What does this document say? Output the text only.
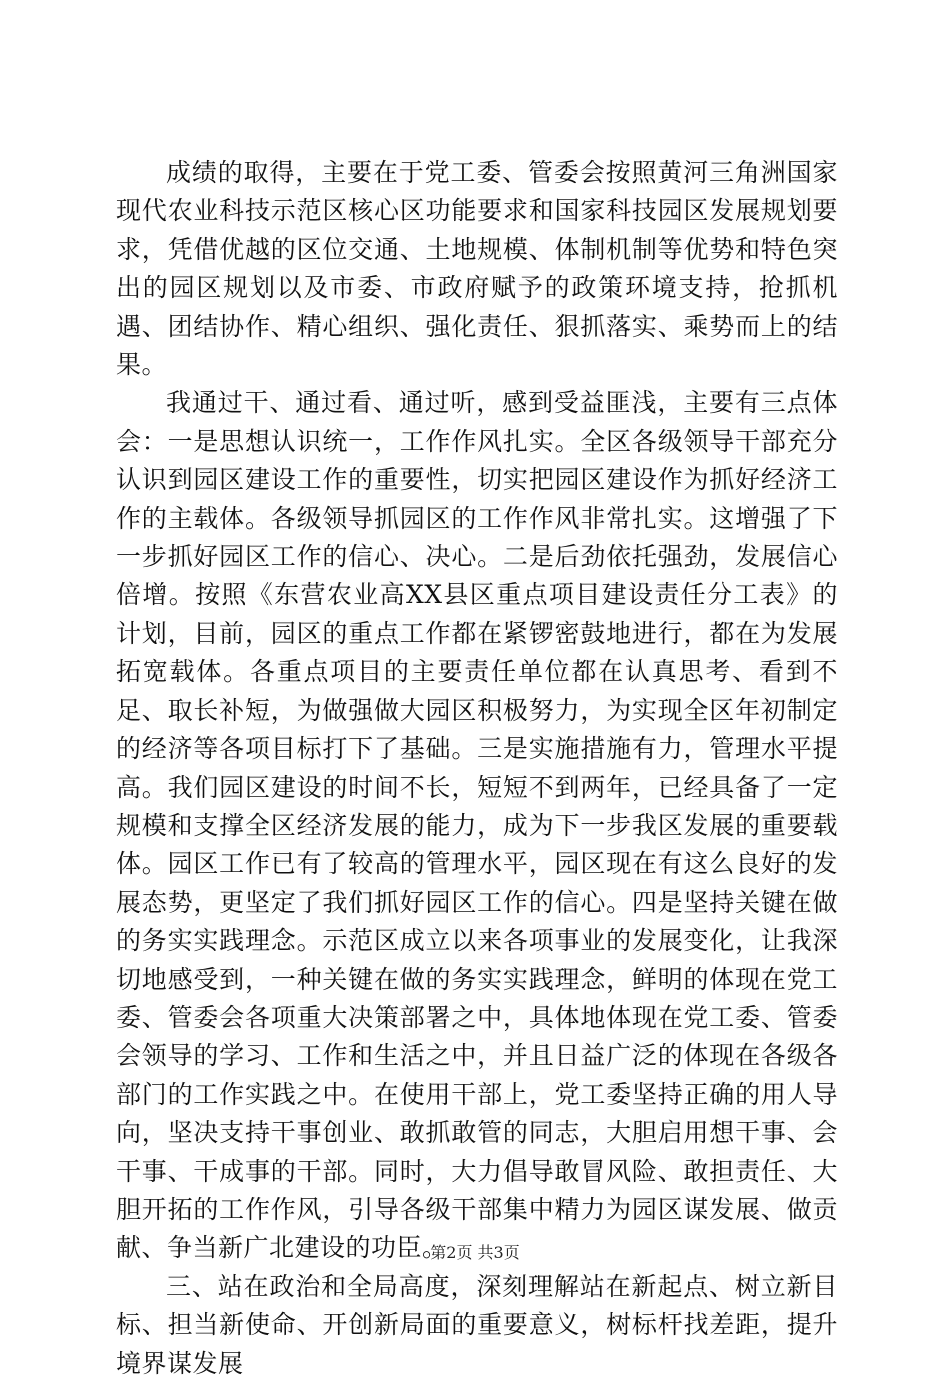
成绩的取得，主要在于党工委、管委会按照黄河三角洲国家现代农业科技示范区核心区功能要求和国家科技园区发展规划要求，凭借优越的区位交通、土地规模、体制机制等优势和特色突出的园区规划以及市委、市政府赋予的政策环境支持，抢抓机遇、团结协作、精心组织、强化责任、狠抓落实、乘势而上的结果。

我通过干、通过看、通过听，感到受益匪浅，主要有三点体会：一是思想认识统一，工作作风扎实。全区各级领导干部充分认识到园区建设工作的重要性，切实把园区建设作为抓好经济工作的主载体。各级领导抓园区的工作作风非常扎实。这增强了下一步抓好园区工作的信心、决心。二是后劲依托强劲，发展信心倍增。按照《东营农业高XX县区重点项目建设责任分工表》的计划，目前，园区的重点工作都在紧锣密鼓地进行，都在为发展拓宽载体。各重点项目的主要责任单位都在认真思考、看到不足、取长补短，为做强做大园区积极努力，为实现全区年初制定的经济等各项目标打下了基础。三是实施措施有力，管理水平提高。我们园区建设的时间不长，短短不到两年，已经具备了一定规模和支撑全区经济发展的能力，成为下一步我区发展的重要载体。园区工作已有了较高的管理水平，园区现在有这么良好的发展态势，更坚定了我们抓好园区工作的信心。四是坚持关键在做的务实实践理念。示范区成立以来各项事业的发展变化，让我深切地感受到，一种关键在做的务实实践理念，鲜明的体现在党工委、管委会各项重大决策部署之中，具体地体现在党工委、管委会领导的学习、工作和生活之中，并且日益广泛的体现在各级各部门的工作实践之中。在使用干部上，党工委坚持正确的用人导向，坚决支持干事创业、敢抓敢管的同志，大胆启用想干事、会干事、干成事的干部。同时，大力倡导敢冒风险、敢担责任、大胆开拓的工作作风，引导各级干部集中精力为园区谋发展、做贡献、争当新广北建设的功臣。

三、站在政治和全局高度，深刻理解站在新起点、树立新目标、担当新使命、开创新局面的重要意义，树标杆找差距，提升境界谋发展

第2页 共3页
